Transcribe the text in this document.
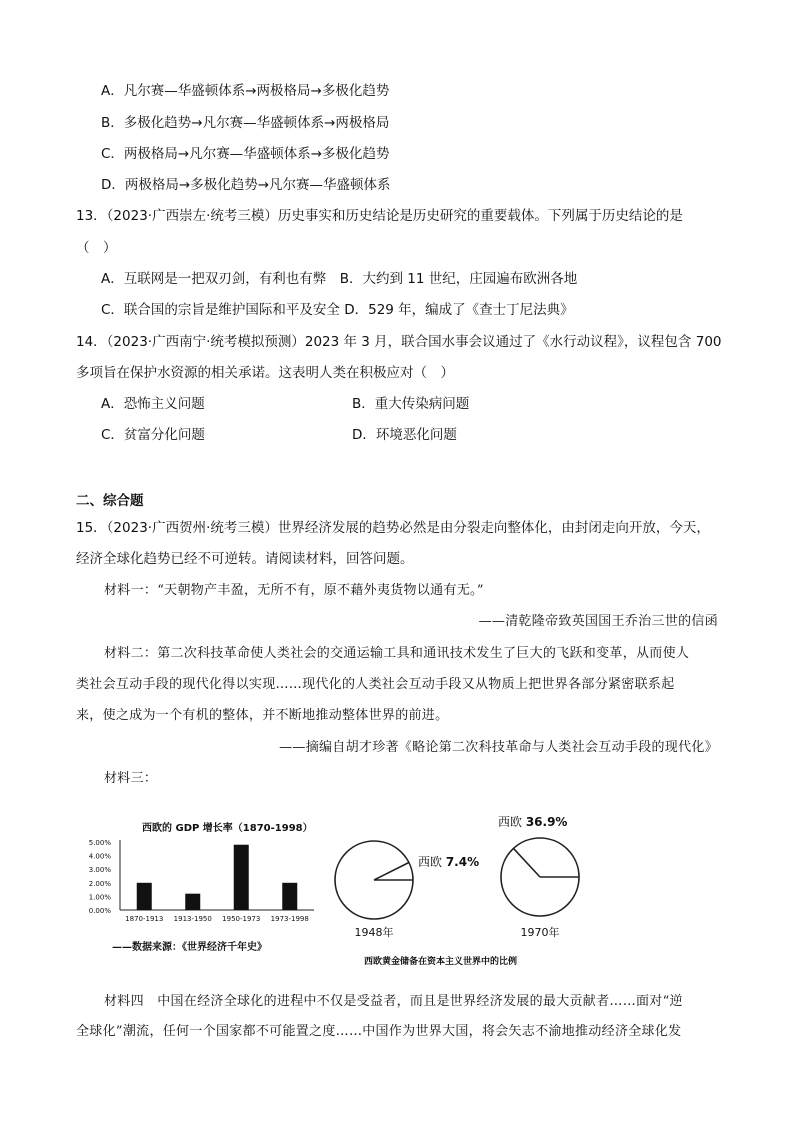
A．凡尔赛—华盛顿体系→两极格局→多极化趋势
B．多极化趋势→凡尔赛—华盛顿体系→两极格局
C．两极格局→凡尔赛—华盛顿体系→多极化趋势
D．两极格局→多极化趋势→凡尔赛—华盛顿体系
13．（2023·广西崇左·统考三模）历史事实和历史结论是历史研究的重要载体。下列属于历史结论的是
（　）
A．互联网是一把双刃剑，有利也有弊　B．大约到 11 世纪，庄园遍布欧洲各地
C．联合国的宗旨是维护国际和平及安全 D．529 年，编成了《查士丁尼法典》
14．（2023·广西南宁·统考模拟预测）2023 年 3 月，联合国水事会议通过了《水行动议程》，议程包含 700
多项旨在保护水资源的相关承诺。这表明人类在积极应对（　）
A．恐怖主义问题	B．重大传染病问题
C．贫富分化问题	D．环境恶化问题
二、综合题
15．（2023·广西贺州·统考三模）世界经济发展的趋势必然是由分裂走向整体化，由封闭走向开放，今天，
经济全球化趋势已经不可逆转。请阅读材料，回答问题。
材料一：“天朝物产丰盈，无所不有，原不藉外夷货物以通有无。”
——清乾隆帝致英国国王乔治三世的信函
材料二：第二次科技革命使人类社会的交通运输工具和通讯技术发生了巨大的飞跃和变革，从而使人
类社会互动手段的现代化得以实现……现代化的人类社会互动手段又从物质上把世界各部分紧密联系起
来，使之成为一个有机的整体，并不断地推动整体世界的前进。
——摘编自胡才珍著《略论第二次科技革命与人类社会互动手段的现代化》
材料三：
西欧的 GDP 增长率（1870-1998）
0.00%
1.00%
2.00%
3.00%
4.00%
5.00%
1870-1913 1913-1950 1950-1973 1973-1998
——数据来源：《世界经济千年史》
西欧 7.4%
1948年
西欧 36.9%
1970年
西欧黄金储备在资本主义世界中的比例
材料四　中国在经济全球化的进程中不仅是受益者，而且是世界经济发展的最大贡献者……面对“逆
全球化”潮流，任何一个国家都不可能置之度……中国作为世界大国，将会矢志不渝地推动经济全球化发
